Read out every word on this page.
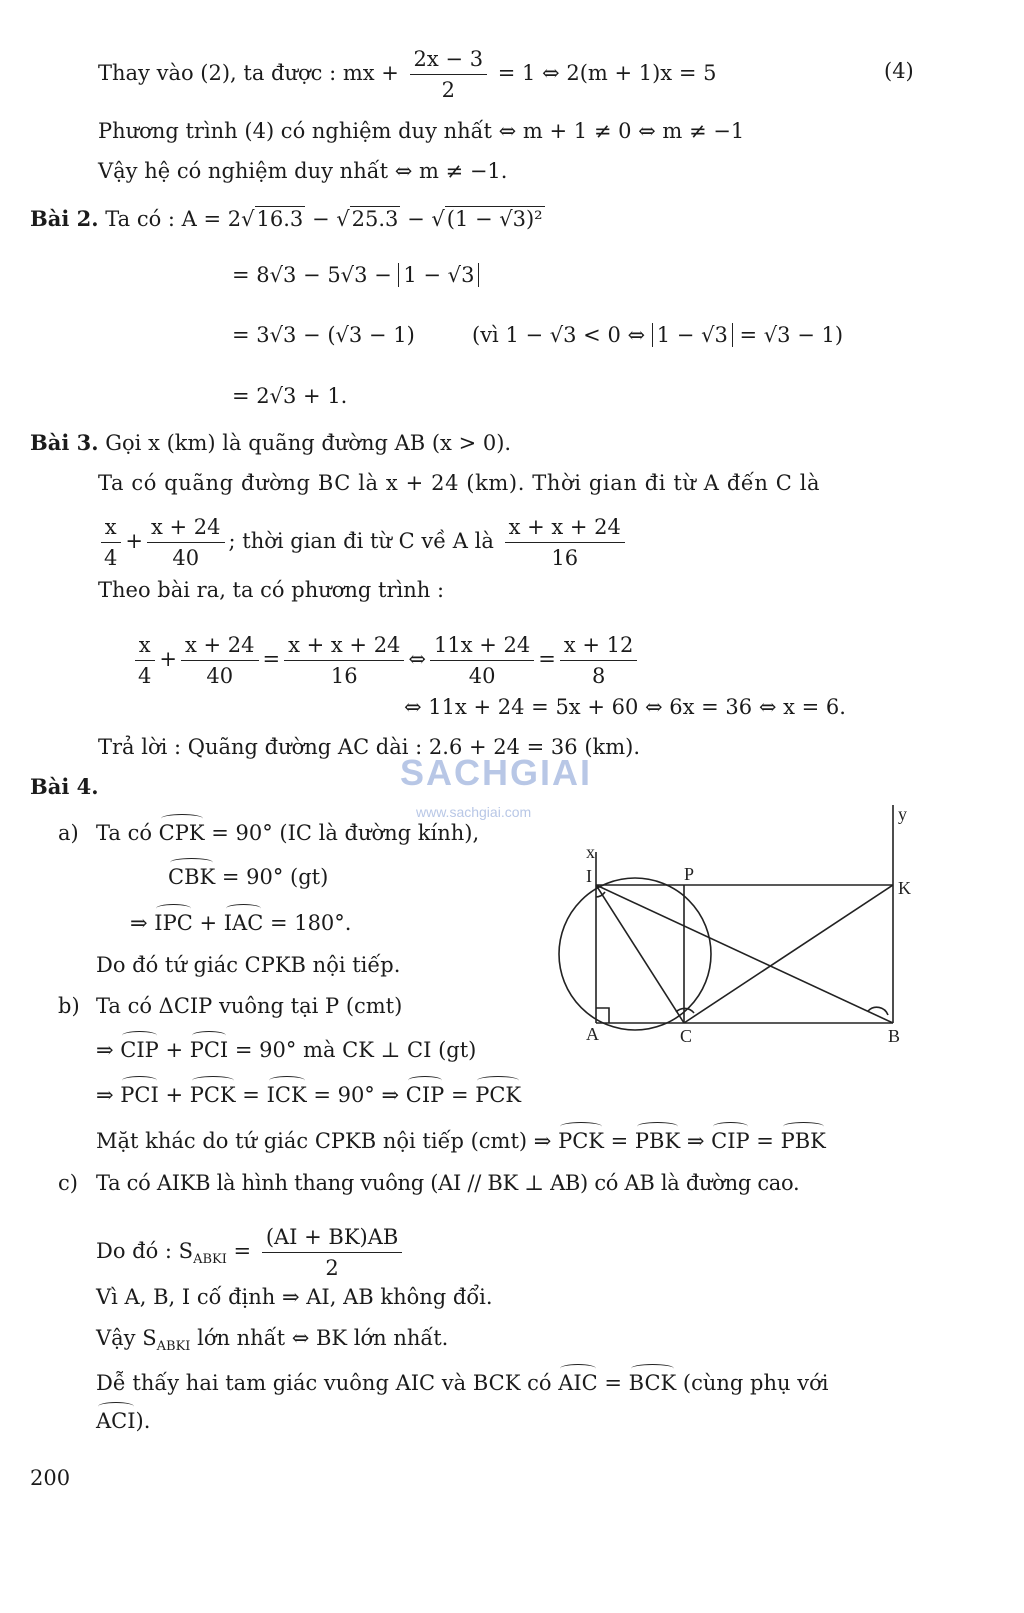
SACHGIAI
www.sachgiai.com
Thay vào (2), ta được : mx + $\frac{2x - 3}{2} = 1$ ⇔ 2(m + 1)x = 5	(4)
Phương trình (4) có nghiệm duy nhất ⇔ m + 1 ≠ 0 ⇔ m ≠ −1
Vậy hệ có nghiệm duy nhất ⇔ m ≠ −1.
Bài 2. Ta có : A = 2√16.3 − √25.3 − √(1 − √3)²
= 8√3 − 5√3 − 1 − √3
= 3√3 − (√3 − 1)	(vì 1 − √3 < 0 ⇔ 1 − √3 = √3 − 1)
= 2√3 + 1.
Bài 3. Gọi x (km) là quãng đường AB (x > 0).
Ta có quãng đường BC là x + 24 (km). Thời gian đi từ A đến C là
$\frac{x}{4} + \frac{x + 24}{40}$ ; thời gian đi từ C về A là $\frac{x + x + 24}{16}$
Theo bài ra, ta có phương trình :
$\frac{x}{4} + \frac{x + 24}{40} = \frac{x + x + 24}{16}$ ⇔ $\frac{11x + 24}{40} = \frac{x + 12}{8}$
⇔ 11x + 24 = 5x + 60 ⇔ 6x = 36 ⇔ x = 6.
Trả lời : Quãng đường AC dài : 2.6 + 24 = 36 (km).
Bài 4.
a) Ta có CPK = 90° (IC là đường kính),
CBK = 90° (gt)
⇒ IPC + IAC = 180°.
Do đó tứ giác CPKB nội tiếp.
b) Ta có ΔCIP vuông tại P (cmt)
⇒ CIP + PCI = 90° mà CK ⊥ CI (gt)
⇒ PCI + PCK = ICK = 90° ⇒ CIP = PCK
Mặt khác do tứ giác CPKB nội tiếp (cmt) ⇒ PCK = PBK ⇒ CIP = PBK
c) Ta có AIKB là hình thang vuông (AI // BK ⊥ AB) có AB là đường cao.
Do đó : $S_{ABKI} = \frac{(AI + BK)AB}{2}$
Vì A, B, I cố định ⇒ AI, AB không đổi.
Vậy $S_{ABKI}$ lớn nhất ⇔ BK lớn nhất.
Dễ thấy hai tam giác vuông AIC và BCK có AIC = BCK (cùng phụ với
ACI).
x
y
I	P
K
A	C	B
200
